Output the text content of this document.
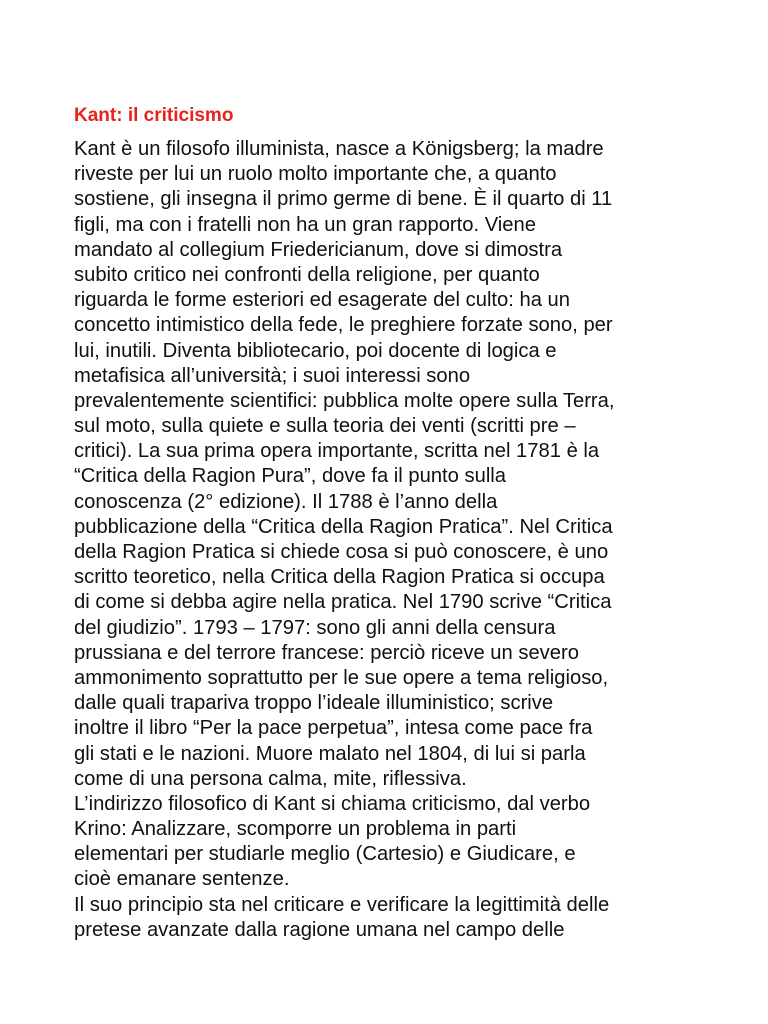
Kant: il criticismo
Kant è un filosofo illuminista, nasce a Königsberg; la madre
riveste per lui un ruolo molto importante che, a quanto
sostiene, gli insegna il primo germe di bene. È il quarto di 11
figli, ma con i fratelli non ha un gran rapporto. Viene
mandato al collegium Friedericianum, dove si dimostra
subito critico nei confronti della religione, per quanto
riguarda le forme esteriori ed esagerate del culto: ha un
concetto intimistico della fede, le preghiere forzate sono, per
lui, inutili. Diventa bibliotecario, poi docente di logica e
metafisica all’università; i suoi interessi sono
prevalentemente scientifici: pubblica molte opere sulla Terra,
sul moto, sulla quiete e sulla teoria dei venti (scritti pre –
critici). La sua prima opera importante, scritta nel 1781 è la
“Critica della Ragion Pura”, dove fa il punto sulla
conoscenza (2° edizione). Il 1788 è l’anno della
pubblicazione della “Critica della Ragion Pratica”. Nel Critica
della Ragion Pratica si chiede cosa si può conoscere, è uno
scritto teoretico, nella Critica della Ragion Pratica si occupa
di come si debba agire nella pratica. Nel 1790 scrive “Critica
del giudizio”. 1793 – 1797: sono gli anni della censura
prussiana e del terrore francese: perciò riceve un severo
ammonimento soprattutto per le sue opere a tema religioso,
dalle quali trapariva troppo l’ideale illuministico; scrive
inoltre il libro “Per la pace perpetua”, intesa come pace fra
gli stati e le nazioni. Muore malato nel 1804, di lui si parla
come di una persona calma, mite, riflessiva.
L’indirizzo filosofico di Kant si chiama criticismo, dal verbo
Krino: Analizzare, scomporre un problema in parti
elementari per studiarle meglio (Cartesio) e Giudicare, e
cioè emanare sentenze.
Il suo principio sta nel criticare e verificare la legittimità delle
pretese avanzate dalla ragione umana nel campo delle
